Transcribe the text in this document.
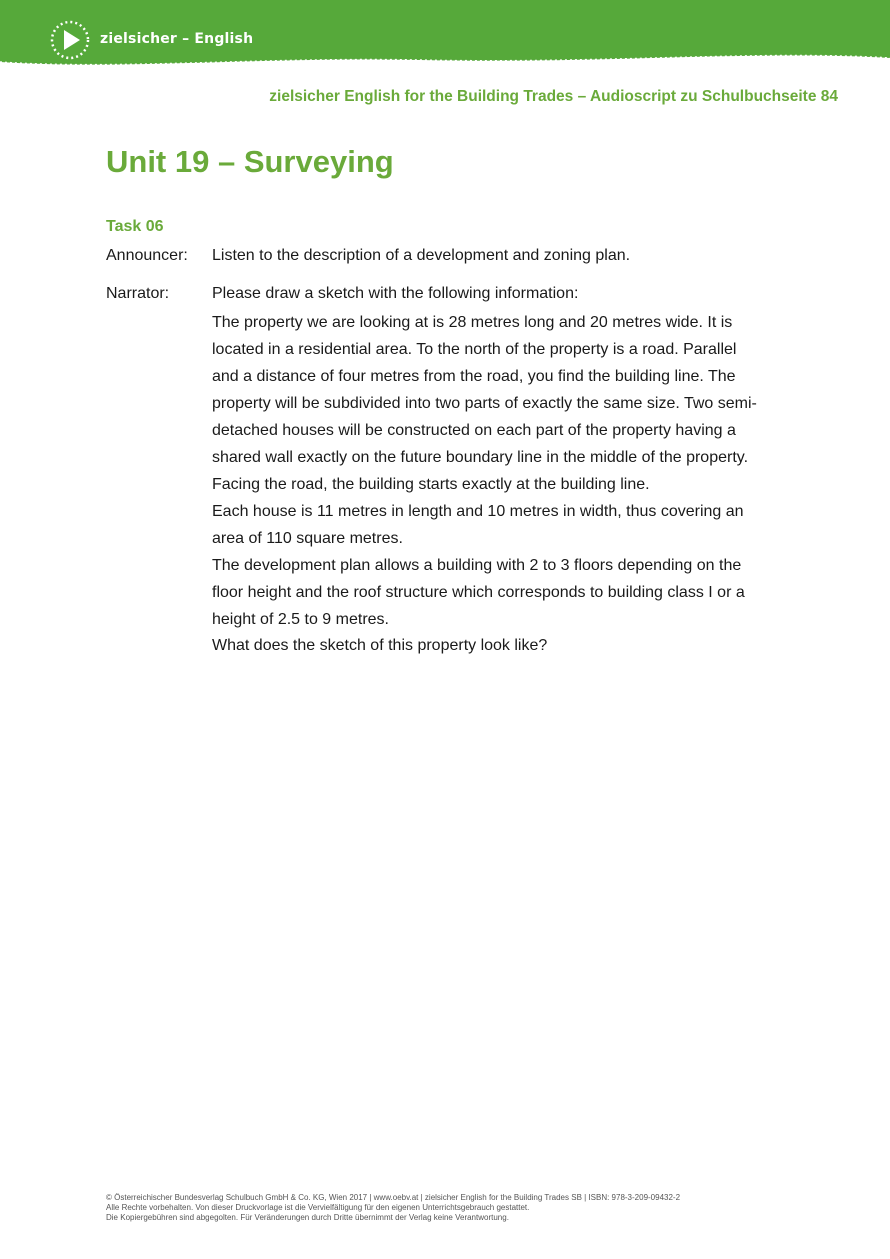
zielsicher – English
zielsicher English for the Building Trades – Audioscript zu Schulbuchseite 84
Unit 19 – Surveying
Task 06
Announcer: Listen to the description of a development and zoning plan.
Narrator:	Please draw a sketch with the following information:
The property we are looking at is 28 metres long and 20 metres wide. It is
located in a residential area. To the north of the property is a road. Parallel
and a distance of four metres from the road, you find the building line. The
property will be subdivided into two parts of exactly the same size. Two semi-
detached houses will be constructed on each part of the property having a
shared wall exactly on the future boundary line in the middle of the property.
Facing the road, the building starts exactly at the building line.
Each house is 11 metres in length and 10 metres in width, thus covering an
area of 110 square metres.
The development plan allows a building with 2 to 3 floors depending on the
floor height and the roof structure which corresponds to building class I or a
height of 2.5 to 9 metres.
What does the sketch of this property look like?
© Österreichischer Bundesverlag Schulbuch GmbH & Co. KG, Wien 2017 | www.oebv.at | zielsicher English for the Building Trades SB | ISBN: 978-3-209-09432-2
Alle Rechte vorbehalten. Von dieser Druckvorlage ist die Vervielfältigung für den eigenen Unterrichtsgebrauch gestattet.
Die Kopiergebühren sind abgegolten. Für Veränderungen durch Dritte übernimmt der Verlag keine Verantwortung.
